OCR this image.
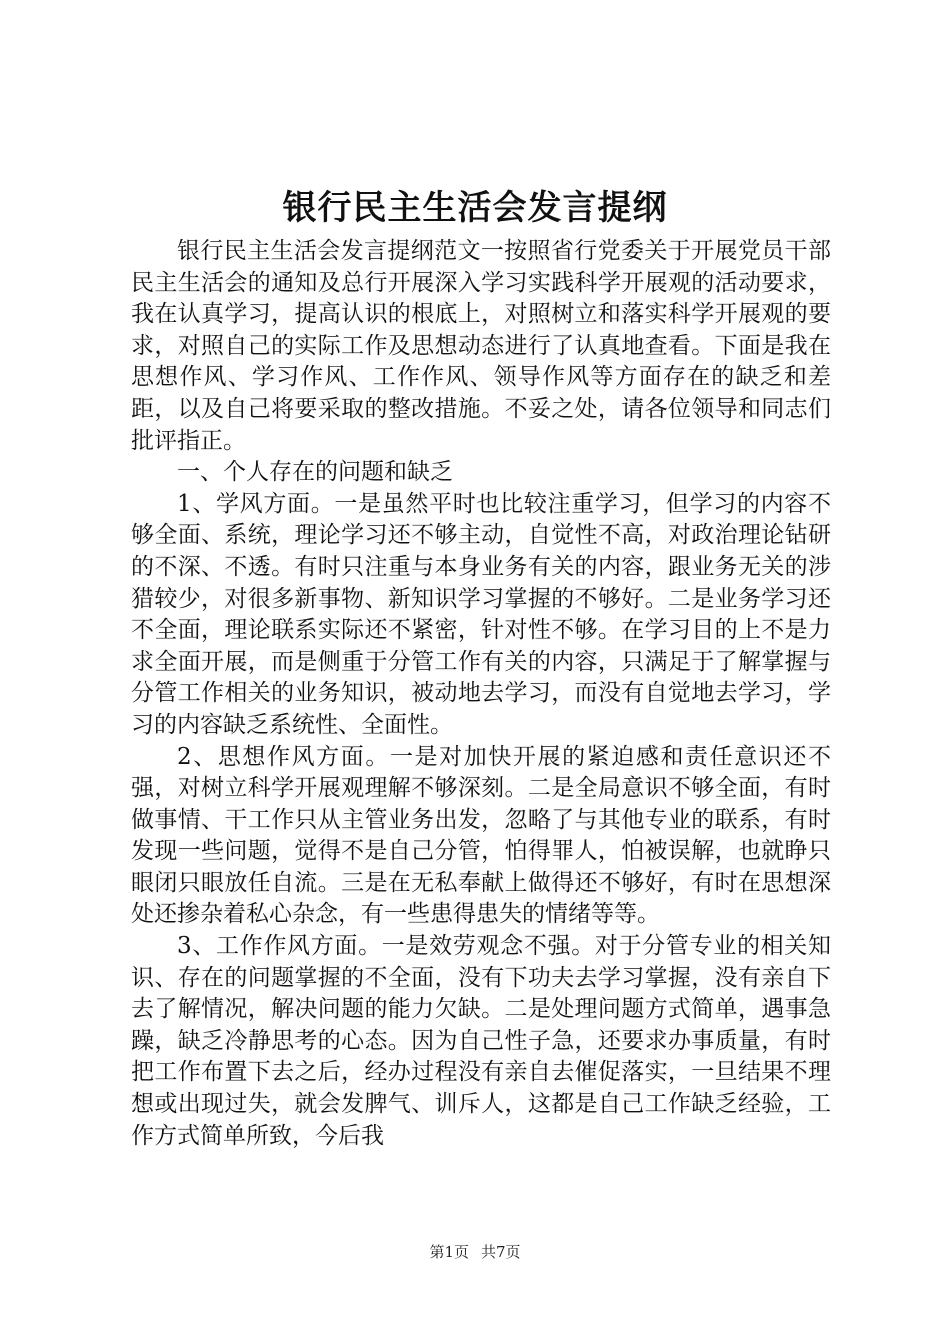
银行民主生活会发言提纲

银行民主生活会发言提纲范文一按照省行党委关于开展党员干部民主生活会的通知及总行开展深入学习实践科学开展观的活动要求，我在认真学习，提高认识的根底上，对照树立和落实科学开展观的要求，对照自己的实际工作及思想动态进行了认真地查看。下面是我在思想作风、学习作风、工作作风、领导作风等方面存在的缺乏和差距，以及自己将要采取的整改措施。不妥之处，请各位领导和同志们批评指正。

一、个人存在的问题和缺乏

1、学风方面。一是虽然平时也比较注重学习，但学习的内容不够全面、系统，理论学习还不够主动，自觉性不高，对政治理论钻研的不深、不透。有时只注重与本身业务有关的内容，跟业务无关的涉猎较少，对很多新事物、新知识学习掌握的不够好。二是业务学习还不全面，理论联系实际还不紧密，针对性不够。在学习目的上不是力求全面开展，而是侧重于分管工作有关的内容，只满足于了解掌握与分管工作相关的业务知识，被动地去学习，而没有自觉地去学习，学习的内容缺乏系统性、全面性。

2、思想作风方面。一是对加快开展的紧迫感和责任意识还不强，对树立科学开展观理解不够深刻。二是全局意识不够全面，有时做事情、干工作只从主管业务出发，忽略了与其他专业的联系，有时发现一些问题，觉得不是自己分管，怕得罪人，怕被误解，也就睁只眼闭只眼放任自流。三是在无私奉献上做得还不够好，有时在思想深处还掺杂着私心杂念，有一些患得患失的情绪等等。

3、工作作风方面。一是效劳观念不强。对于分管专业的相关知识、存在的问题掌握的不全面，没有下功夫去学习掌握，没有亲自下去了解情况，解决问题的能力欠缺。二是处理问题方式简单，遇事急躁，缺乏冷静思考的心态。因为自己性子急，还要求办事质量，有时把工作布置下去之后，经办过程没有亲自去催促落实，一旦结果不理想或出现过失，就会发脾气、训斥人，这都是自己工作缺乏经验，工作方式简单所致，今后我

第1页 共7页
